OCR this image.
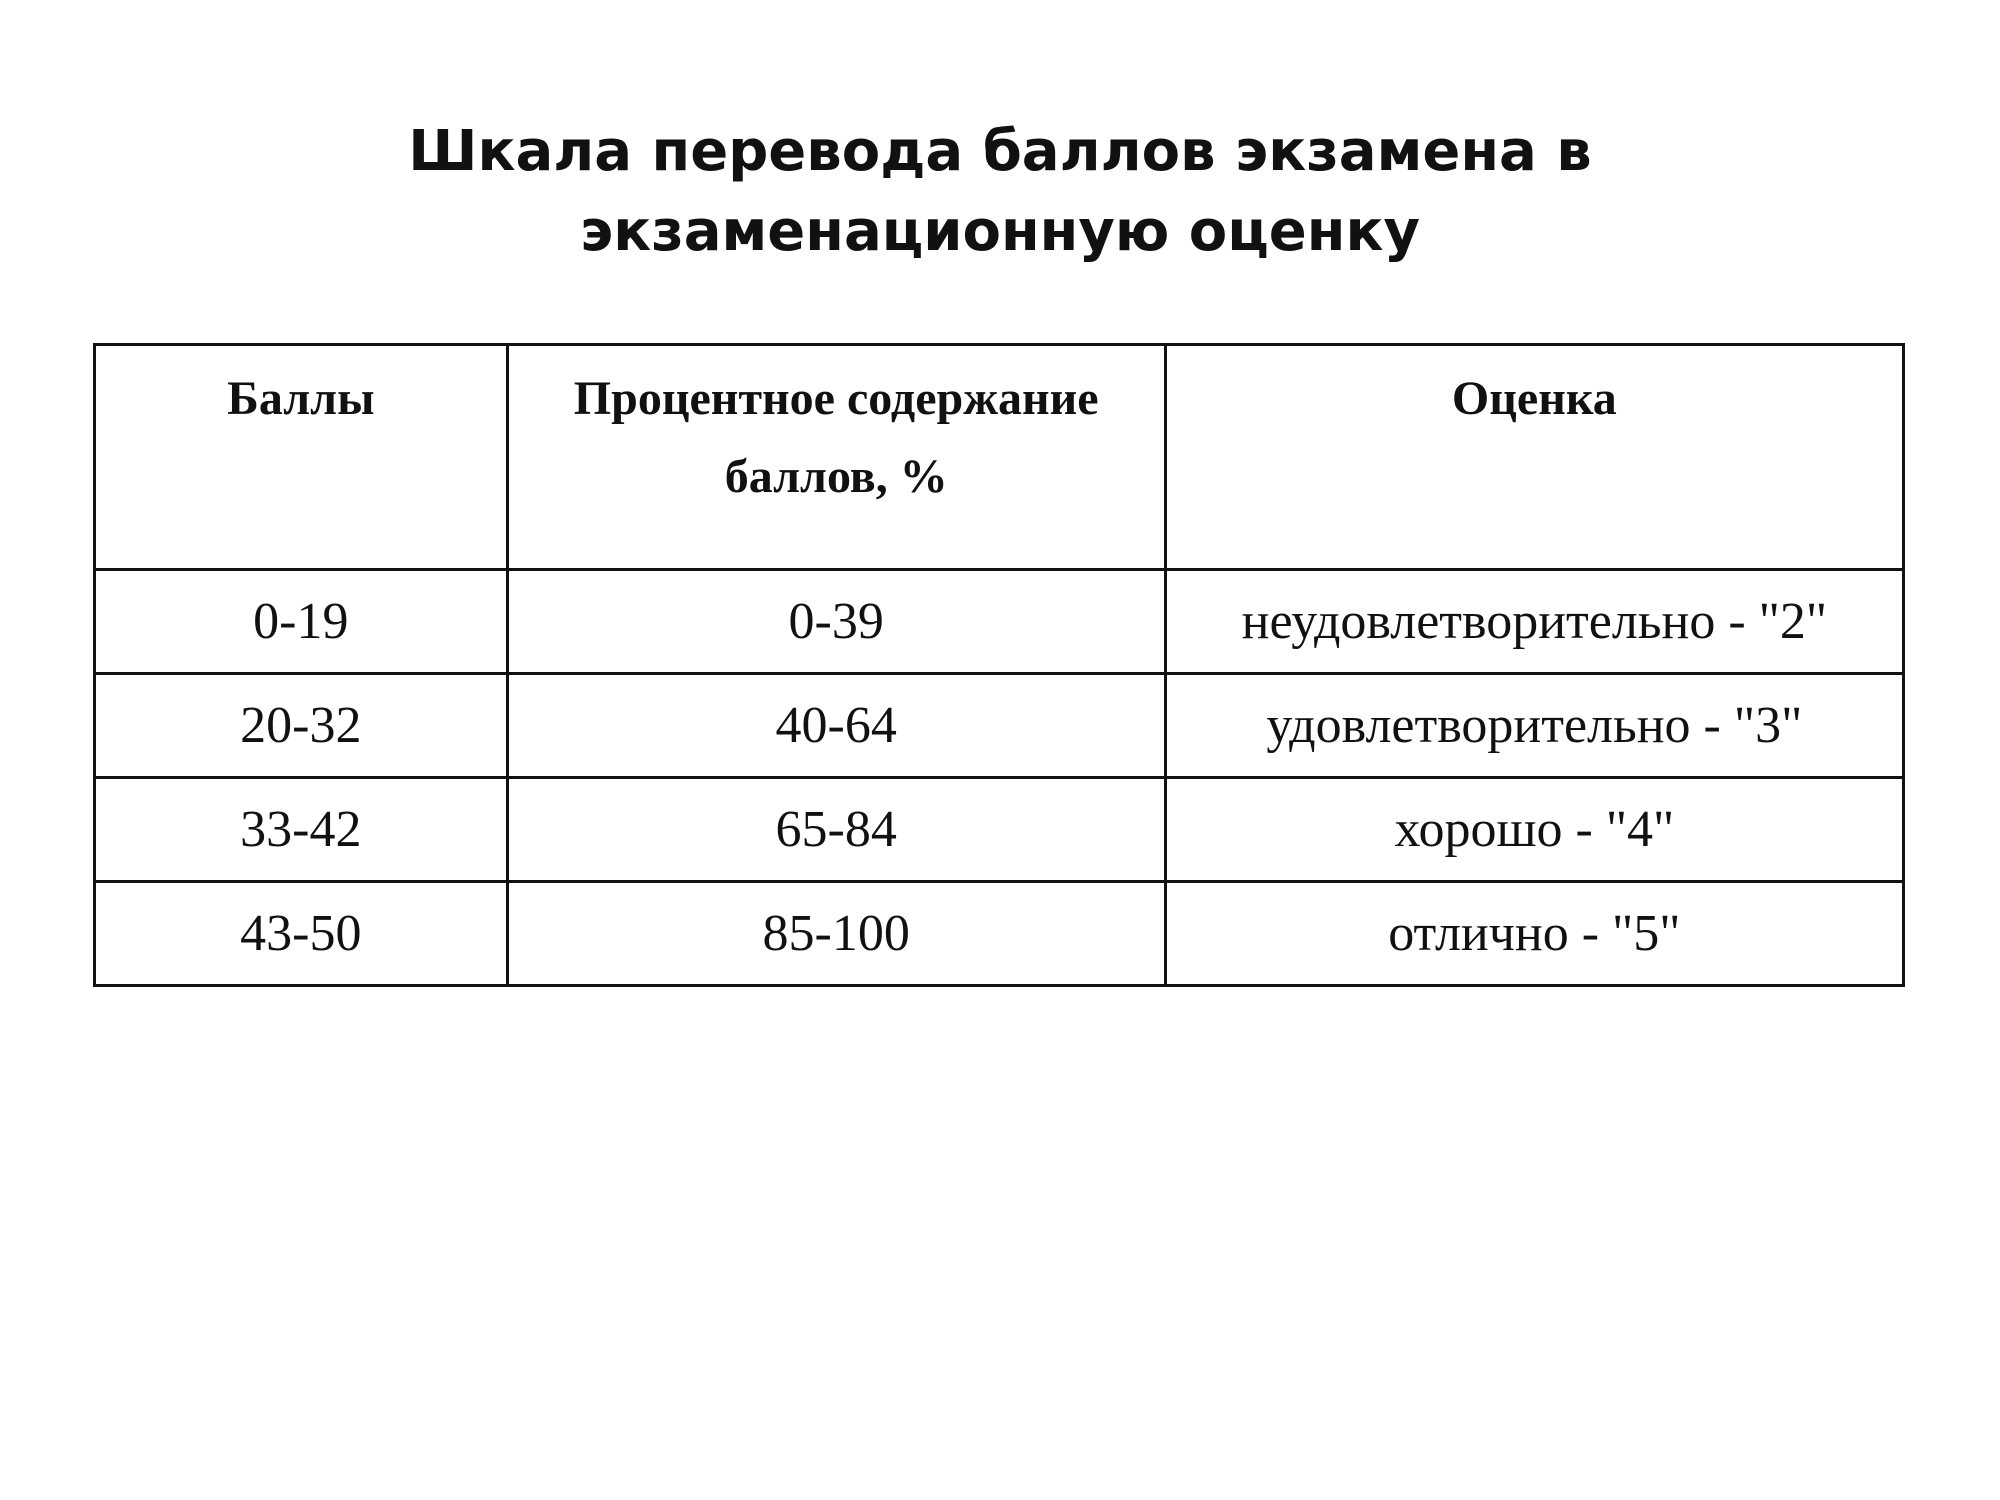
Шкала перевода баллов экзамена в экзаменационную оценку
Баллы	Процентное содержание баллов, %	Оценка
0-19	0-39	неудовлетворительно - "2"
20-32	40-64	удовлетворительно - "3"
33-42	65-84	хорошо - "4"
43-50	85-100	отлично - "5"
